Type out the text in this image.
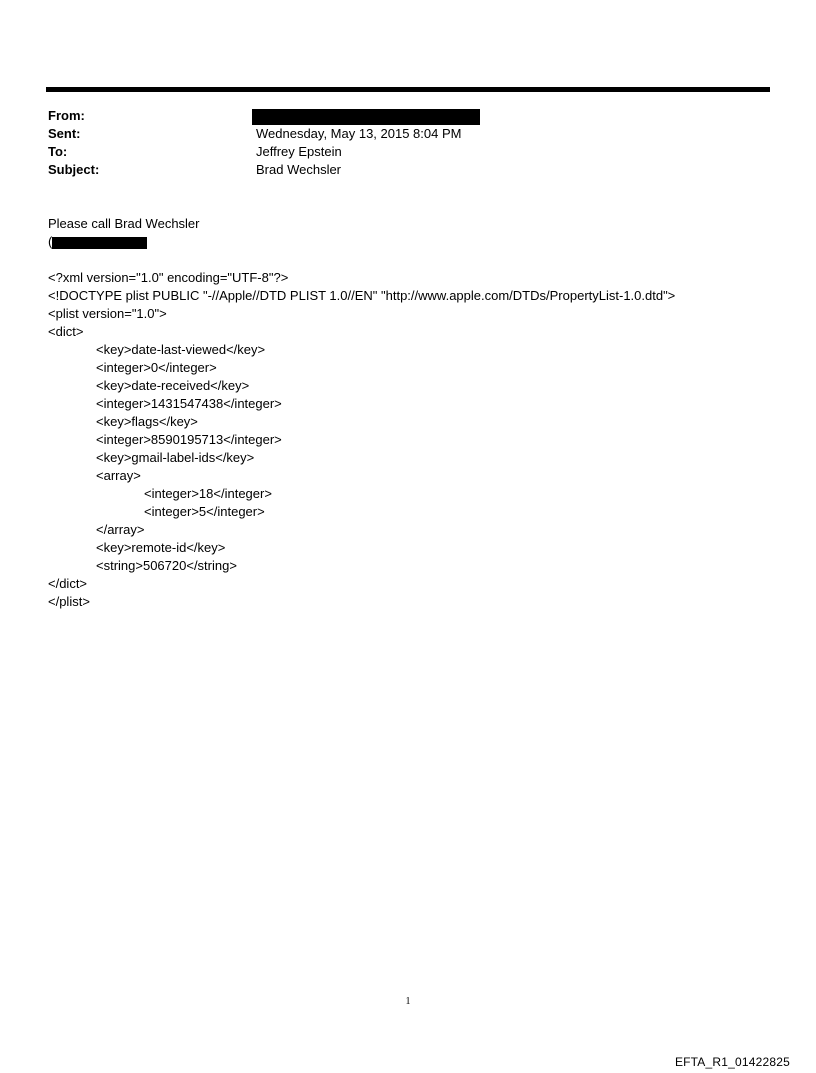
From:
Sent:	Wednesday, May 13, 2015 8:04 PM
To:	Jeffrey Epstein
Subject:	Brad Wechsler
Please call Brad Wechsler
(
<?xml version="1.0" encoding="UTF-8"?>
<!DOCTYPE plist PUBLIC "-//Apple//DTD PLIST 1.0//EN" "http://www.apple.com/DTDs/PropertyList-1.0.dtd">
<plist version="1.0">
<dict>
<key>date-last-viewed</key>
<integer>0</integer>
<key>date-received</key>
<integer>1431547438</integer>
<key>flags</key>
<integer>8590195713</integer>
<key>gmail-label-ids</key>
<array>
<integer>18</integer>
<integer>5</integer>
</array>
<key>remote-id</key>
<string>506720</string>
</dict>
</plist>
1
EFTA_R1_01422825
